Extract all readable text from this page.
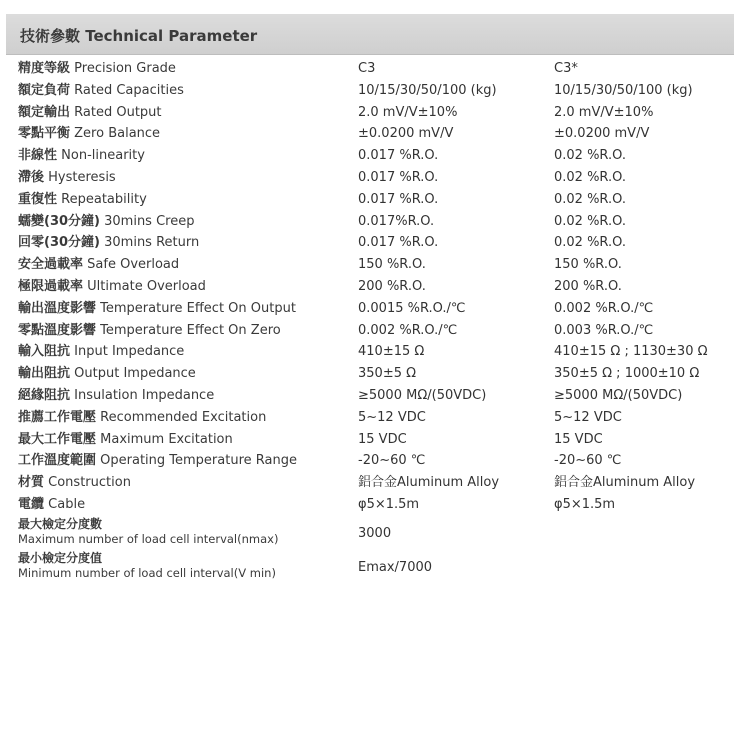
技術參數 Technical Parameter
精度等級 Precision Grade	C3	C3*
額定負荷 Rated Capacities	10/15/30/50/100 (kg)	10/15/30/50/100 (kg)
額定輸出 Rated Output	2.0 mV/V±10%	2.0 mV/V±10%
零點平衡 Zero Balance	±0.0200 mV/V	±0.0200 mV/V
非線性 Non-linearity	0.017 %R.O.	0.02 %R.O.
滯後 Hysteresis	0.017 %R.O.	0.02 %R.O.
重復性 Repeatability	0.017 %R.O.	0.02 %R.O.
蠕變(30分鐘) 30mins Creep	0.017%R.O.	0.02 %R.O.
回零(30分鐘) 30mins Return	0.017 %R.O.	0.02 %R.O.
安全過載率 Safe Overload	150 %R.O.	150 %R.O.
極限過載率 Ultimate Overload	200 %R.O.	200 %R.O.
輸出溫度影響 Temperature Effect On Output	0.0015 %R.O./℃	0.002 %R.O./℃
零點溫度影響 Temperature Effect On Zero	0.002 %R.O./℃	0.003 %R.O./℃
輸入阻抗 Input Impedance	410±15 Ω	410±15 Ω ; 1130±30 Ω
輸出阻抗 Output Impedance	350±5 Ω	350±5 Ω ; 1000±10 Ω
絕緣阻抗 Insulation Impedance	≥5000 MΩ/(50VDC)	≥5000 MΩ/(50VDC)
推薦工作電壓 Recommended Excitation	5~12 VDC	5~12 VDC
最大工作電壓 Maximum Excitation	15 VDC	15 VDC
工作溫度範圍 Operating Temperature Range	-20~60 ℃	-20~60 ℃
材質 Construction	鋁合金Aluminum Alloy	鋁合金Aluminum Alloy
電纜 Cable	φ5×1.5m	φ5×1.5m
最大檢定分度數
Maximum number of load cell interval(nmax)	3000
最小檢定分度值
Minimum number of load cell interval(V min)	Emax/7000
